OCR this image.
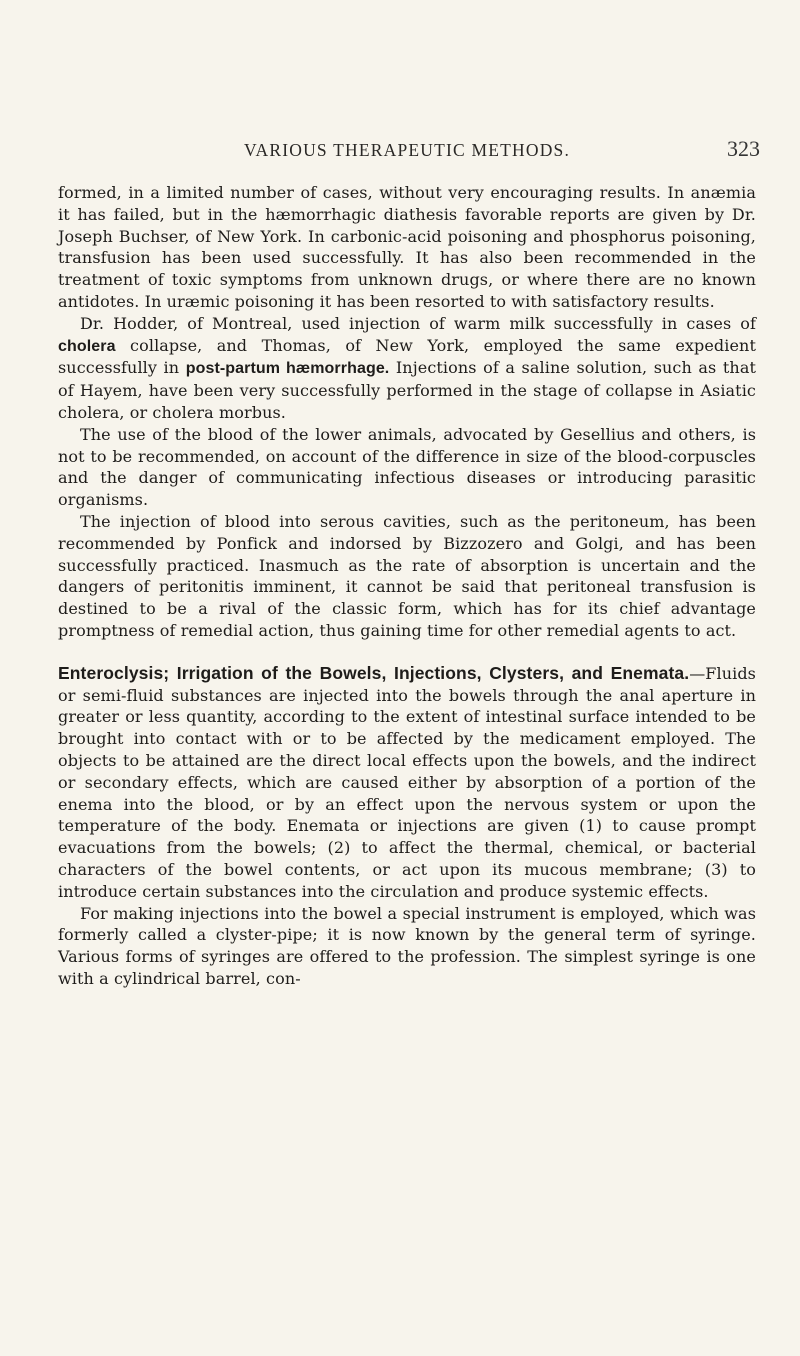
VARIOUS THERAPEUTIC METHODS.	323

formed, in a limited number of cases, without very encouraging results. In anæmia it has failed, but in the hæmorrhagic diathesis favorable reports are given by Dr. Joseph Buchser, of New York. In carbonic-acid poisoning and phosphorus poisoning, transfusion has been used successfully. It has also been recommended in the treatment of toxic symptoms from unknown drugs, or where there are no known antidotes. In uræmic poisoning it has been resorted to with satisfactory results.

Dr. Hodder, of Montreal, used injection of warm milk successfully in cases of cholera collapse, and Thomas, of New York, employed the same expedient successfully in post-partum hæmorrhage. Injections of a saline solution, such as that of Hayem, have been very successfully performed in the stage of collapse in Asiatic cholera, or cholera morbus.

The use of the blood of the lower animals, advocated by Gesellius and others, is not to be recommended, on account of the difference in size of the blood-corpuscles and the danger of communicating infectious diseases or introducing parasitic organisms.

The injection of blood into serous cavities, such as the peritoneum, has been recommended by Ponfick and indorsed by Bizzozero and Golgi, and has been successfully practiced. Inasmuch as the rate of absorption is uncertain and the dangers of peritonitis imminent, it cannot be said that peritoneal transfusion is destined to be a rival of the classic form, which has for its chief advantage promptness of remedial action, thus gaining time for other remedial agents to act.

Enteroclysis; Irrigation of the Bowels, Injections, Clysters, and Enemata.—Fluids or semi-fluid substances are injected into the bowels through the anal aperture in greater or less quantity, according to the extent of intestinal surface intended to be brought into contact with or to be affected by the medicament employed. The objects to be attained are the direct local effects upon the bowels, and the indirect or secondary effects, which are caused either by absorption of a portion of the enema into the blood, or by an effect upon the nervous system or upon the temperature of the body. Enemata or injections are given (1) to cause prompt evacuations from the bowels; (2) to affect the thermal, chemical, or bacterial characters of the bowel contents, or act upon its mucous membrane; (3) to introduce certain substances into the circulation and produce systemic effects.

For making injections into the bowel a special instrument is employed, which was formerly called a clyster-pipe; it is now known by the general term of syringe. Various forms of syringes are offered to the profession. The simplest syringe is one with a cylindrical barrel, con-
